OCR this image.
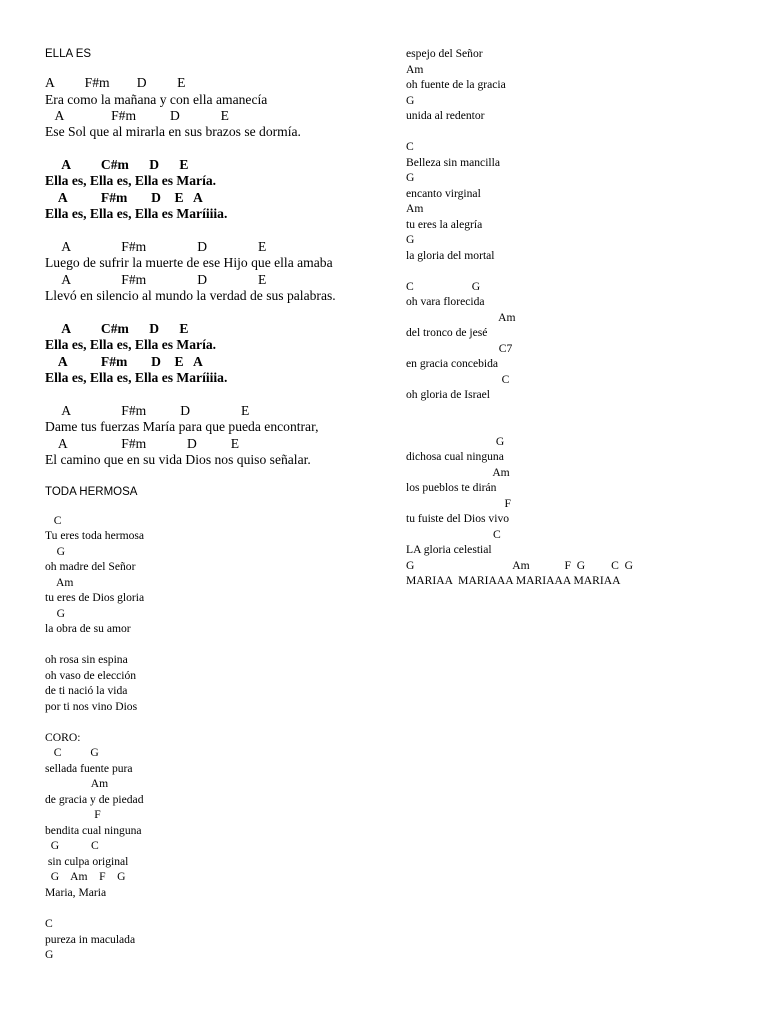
ELLA ES
A         F#m        D         E
Era como la mañana y con ella amanecía
A              F#m          D            E
Ese Sol que al mirarla en sus brazos se dormía.
A         C#m      D      E
Ella es, Ella es, Ella es María.
A          F#m       D    E   A
Ella es, Ella es, Ella es Maríiiia.
A               F#m               D               E
Luego de sufrir la muerte de ese Hijo que ella amaba
A               F#m               D               E
Llevó en silencio al mundo la verdad de sus palabras.
A         C#m      D      E
Ella es, Ella es, Ella es María.
A          F#m       D    E   A
Ella es, Ella es, Ella es Maríiiia.
A               F#m          D               E
Dame tus fuerzas María para que pueda encontrar,
A                F#m            D          E
El camino que en su vida Dios nos quiso señalar.
TODA HERMOSA
C
Tu eres toda hermosa
G
oh madre del Señor
Am
tu eres de Dios gloria
G
la obra de su amor
oh rosa sin espina
oh vaso de elección
de ti nació la vida
por ti nos vino Dios
CORO:
C          G
sellada fuente pura
Am
de gracia y de piedad
F
bendita cual ninguna
G           C
sin culpa original
G    Am    F    G
Maria, Maria
C
pureza in maculada
G
espejo del Señor
Am
oh fuente de la gracia
G
unida al redentor
C
Belleza sin mancilla
G
encanto virginal
Am
tu eres la alegría
G
la gloria del mortal
C                    G
oh vara florecida
Am
del tronco de jesé
C7
en gracia concebida
C
oh gloria de Israel
G
dichosa cual ninguna
Am
los pueblos te dirán
F
tu fuiste del Dios vivo
C
LA gloria celestial
G                                  Am            F  G         C  G
MARIAA  MARIAAA MARIAAA MARIAA
